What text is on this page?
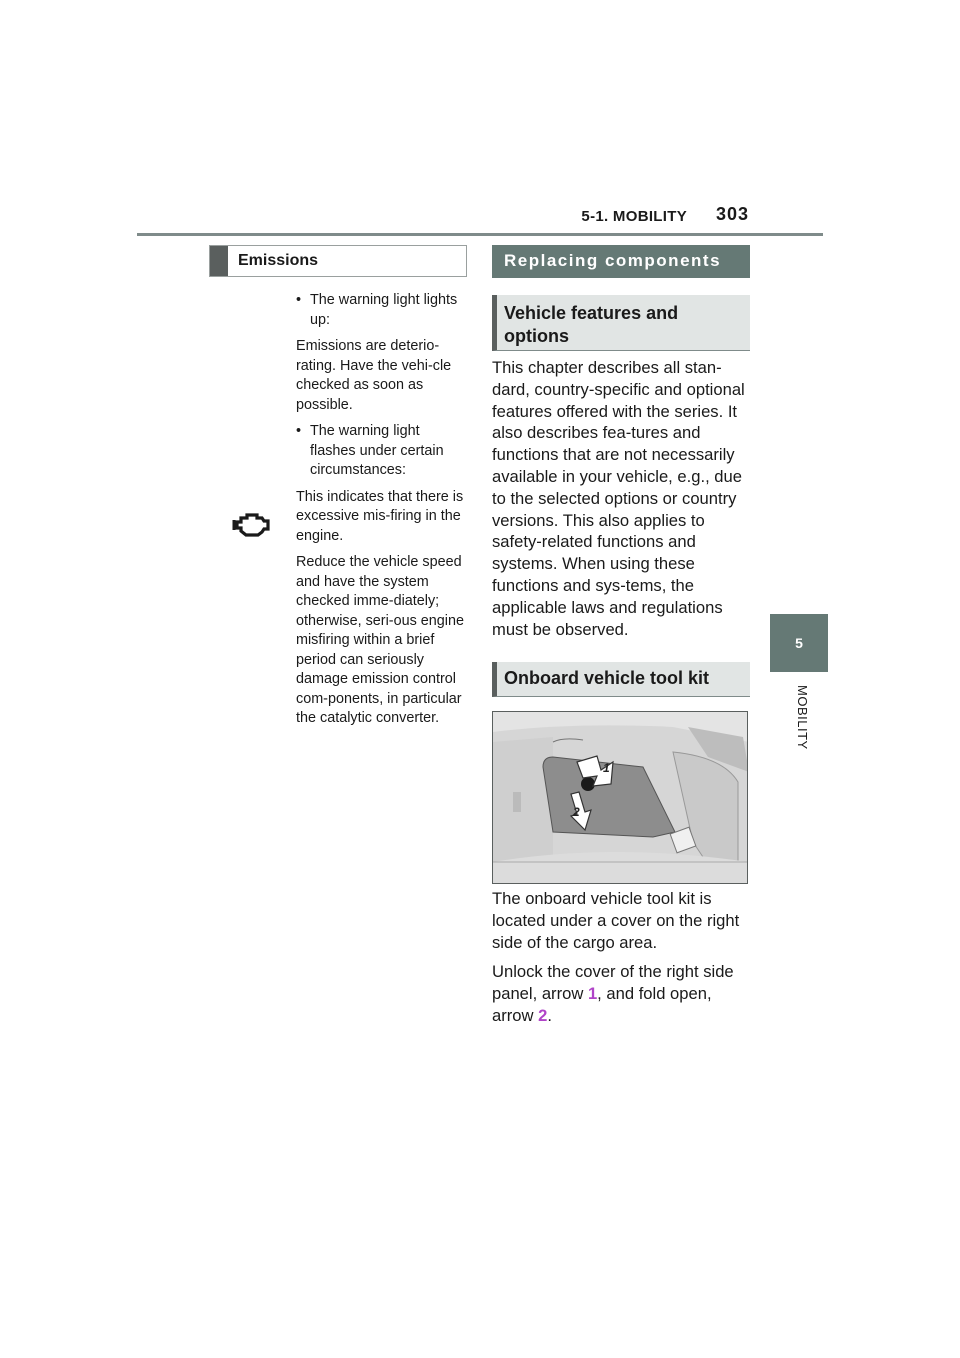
5-1. MOBILITY 303
5
MOBILITY
Emissions

• The warning light lights up:

Emissions are deterio-rating. Have the vehi-cle checked as soon as possible.

• The warning light flashes under certain circumstances:

This indicates that there is excessive mis-firing in the engine.

Reduce the vehicle speed and have the system checked imme-diately; otherwise, seri-ous engine misfiring within a brief period can seriously damage emission control com-ponents, in particular the catalytic converter.

Replacing components
Vehicle features and options

This chapter describes all stan-dard, country-specific and optional features offered with the series. It also describes fea-tures and functions that are not necessarily available in your vehicle, e.g., due to the selected options or country versions. This also applies to safety-related functions and systems. When using these functions and sys-tems, the applicable laws and regulations must be observed.

Onboard vehicle tool kit
1
2

The onboard vehicle tool kit is located under a cover on the right side of the cargo area.

Unlock the cover of the right side panel, arrow 1, and fold open, arrow 2.
